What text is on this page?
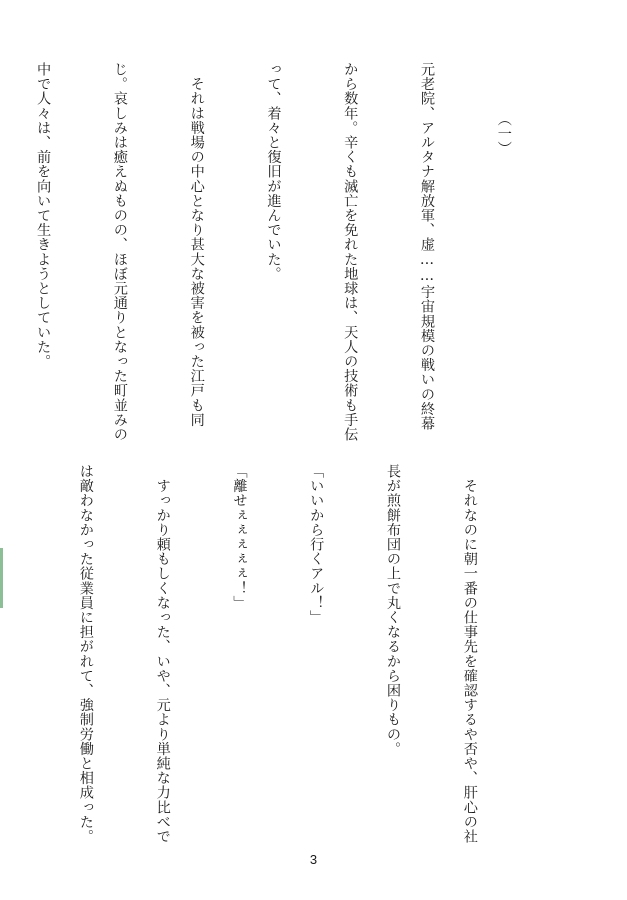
（一）

元老院、アルタナ解放軍、虚……宇宙規模の戦いの終幕

から数年。辛くも滅亡を免れた地球は、天人の技術も手伝

って、着々と復旧が進んでいた。

　それは戦場の中心となり甚大な被害を被った江戸も同

じ。哀しみは癒えぬものの、ほぼ元通りとなった町並みの

中で人々は、前を向いて生きようとしていた。

　それなのに朝一番の仕事先を確認するや否や、肝心の社

長が煎餅布団の上で丸くなるから困りもの。

「いいから行くアル！」

「離せぇぇぇぇぇ！」

　すっかり頼もしくなった、いや、元より単純な力比べで

は敵わなかった従業員に担がれて、強制労働と相成った。

3
